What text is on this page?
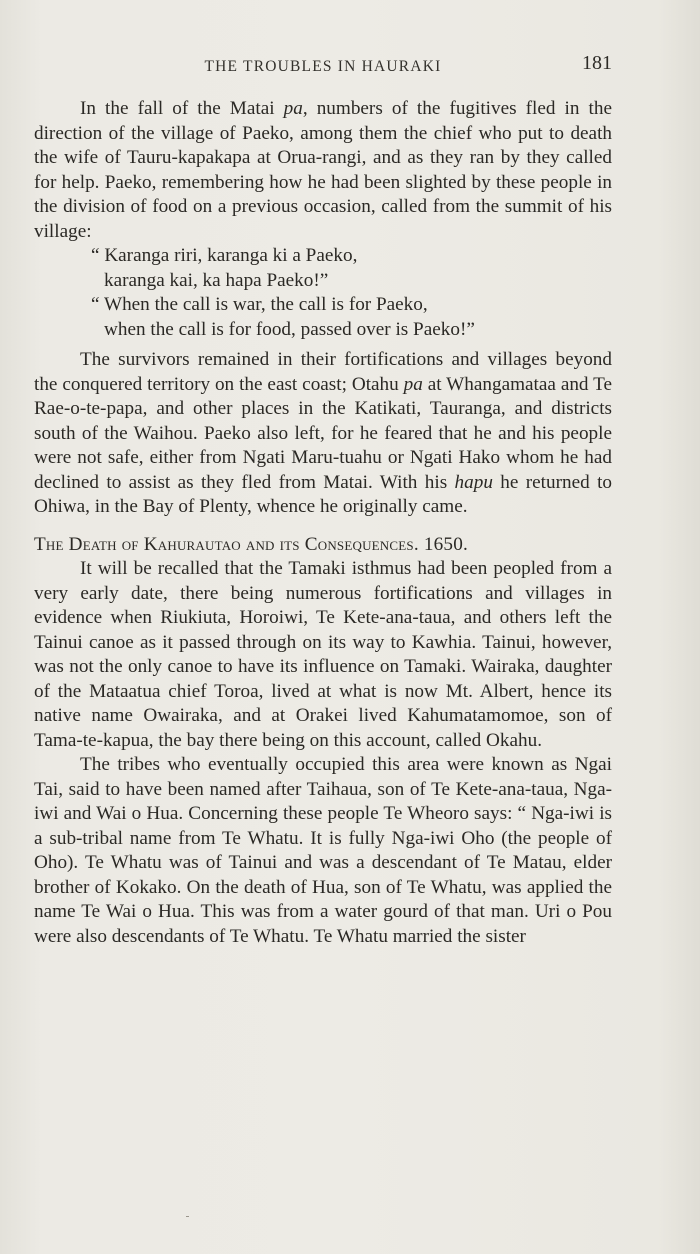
THE TROUBLES IN HAURAKI	181

In the fall of the Matai pa, numbers of the fugitives fled in the direction of the village of Paeko, among them the chief who put to death the wife of Tauru-kapakapa at Orua-rangi, and as they ran by they called for help. Paeko, remembering how he had been slighted by these people in the division of food on a previous occasion, called from the summit of his village:

“ Karanga riri, karanga ki a Paeko,
karanga kai, ka hapa Paeko!”
“ When the call is war, the call is for Paeko,
when the call is for food, passed over is Paeko!”

The survivors remained in their fortifications and villages beyond the conquered territory on the east coast; Otahu pa at Whangamataa and Te Rae-o-te-papa, and other places in the Katikati, Tauranga, and districts south of the Waihou. Paeko also left, for he feared that he and his people were not safe, either from Ngati Maru-tuahu or Ngati Hako whom he had declined to assist as they fled from Matai. With his hapu he returned to Ohiwa, in the Bay of Plenty, whence he originally came.

The Death of Kahurautao and its Consequences. 1650.

It will be recalled that the Tamaki isthmus had been peopled from a very early date, there being numerous fortifications and villages in evidence when Riukiuta, Horoiwi, Te Kete-ana-taua, and others left the Tainui canoe as it passed through on its way to Kawhia. Tainui, however, was not the only canoe to have its influence on Tamaki. Wairaka, daughter of the Mataatua chief Toroa, lived at what is now Mt. Albert, hence its native name Owairaka, and at Orakei lived Kahumatamomoe, son of Tama-te-kapua, the bay there being on this account, called Okahu.

The tribes who eventually occupied this area were known as Ngai Tai, said to have been named after Taihaua, son of Te Kete-ana-taua, Nga-iwi and Wai o Hua. Concerning these people Te Wheoro says: “ Nga-iwi is a sub-tribal name from Te Whatu. It is fully Nga-iwi Oho (the people of Oho). Te Whatu was of Tainui and was a descendant of Te Matau, elder brother of Kokako. On the death of Hua, son of Te Whatu, was applied the name Te Wai o Hua. This was from a water gourd of that man. Uri o Pou were also descendants of Te Whatu. Te Whatu married the sister
